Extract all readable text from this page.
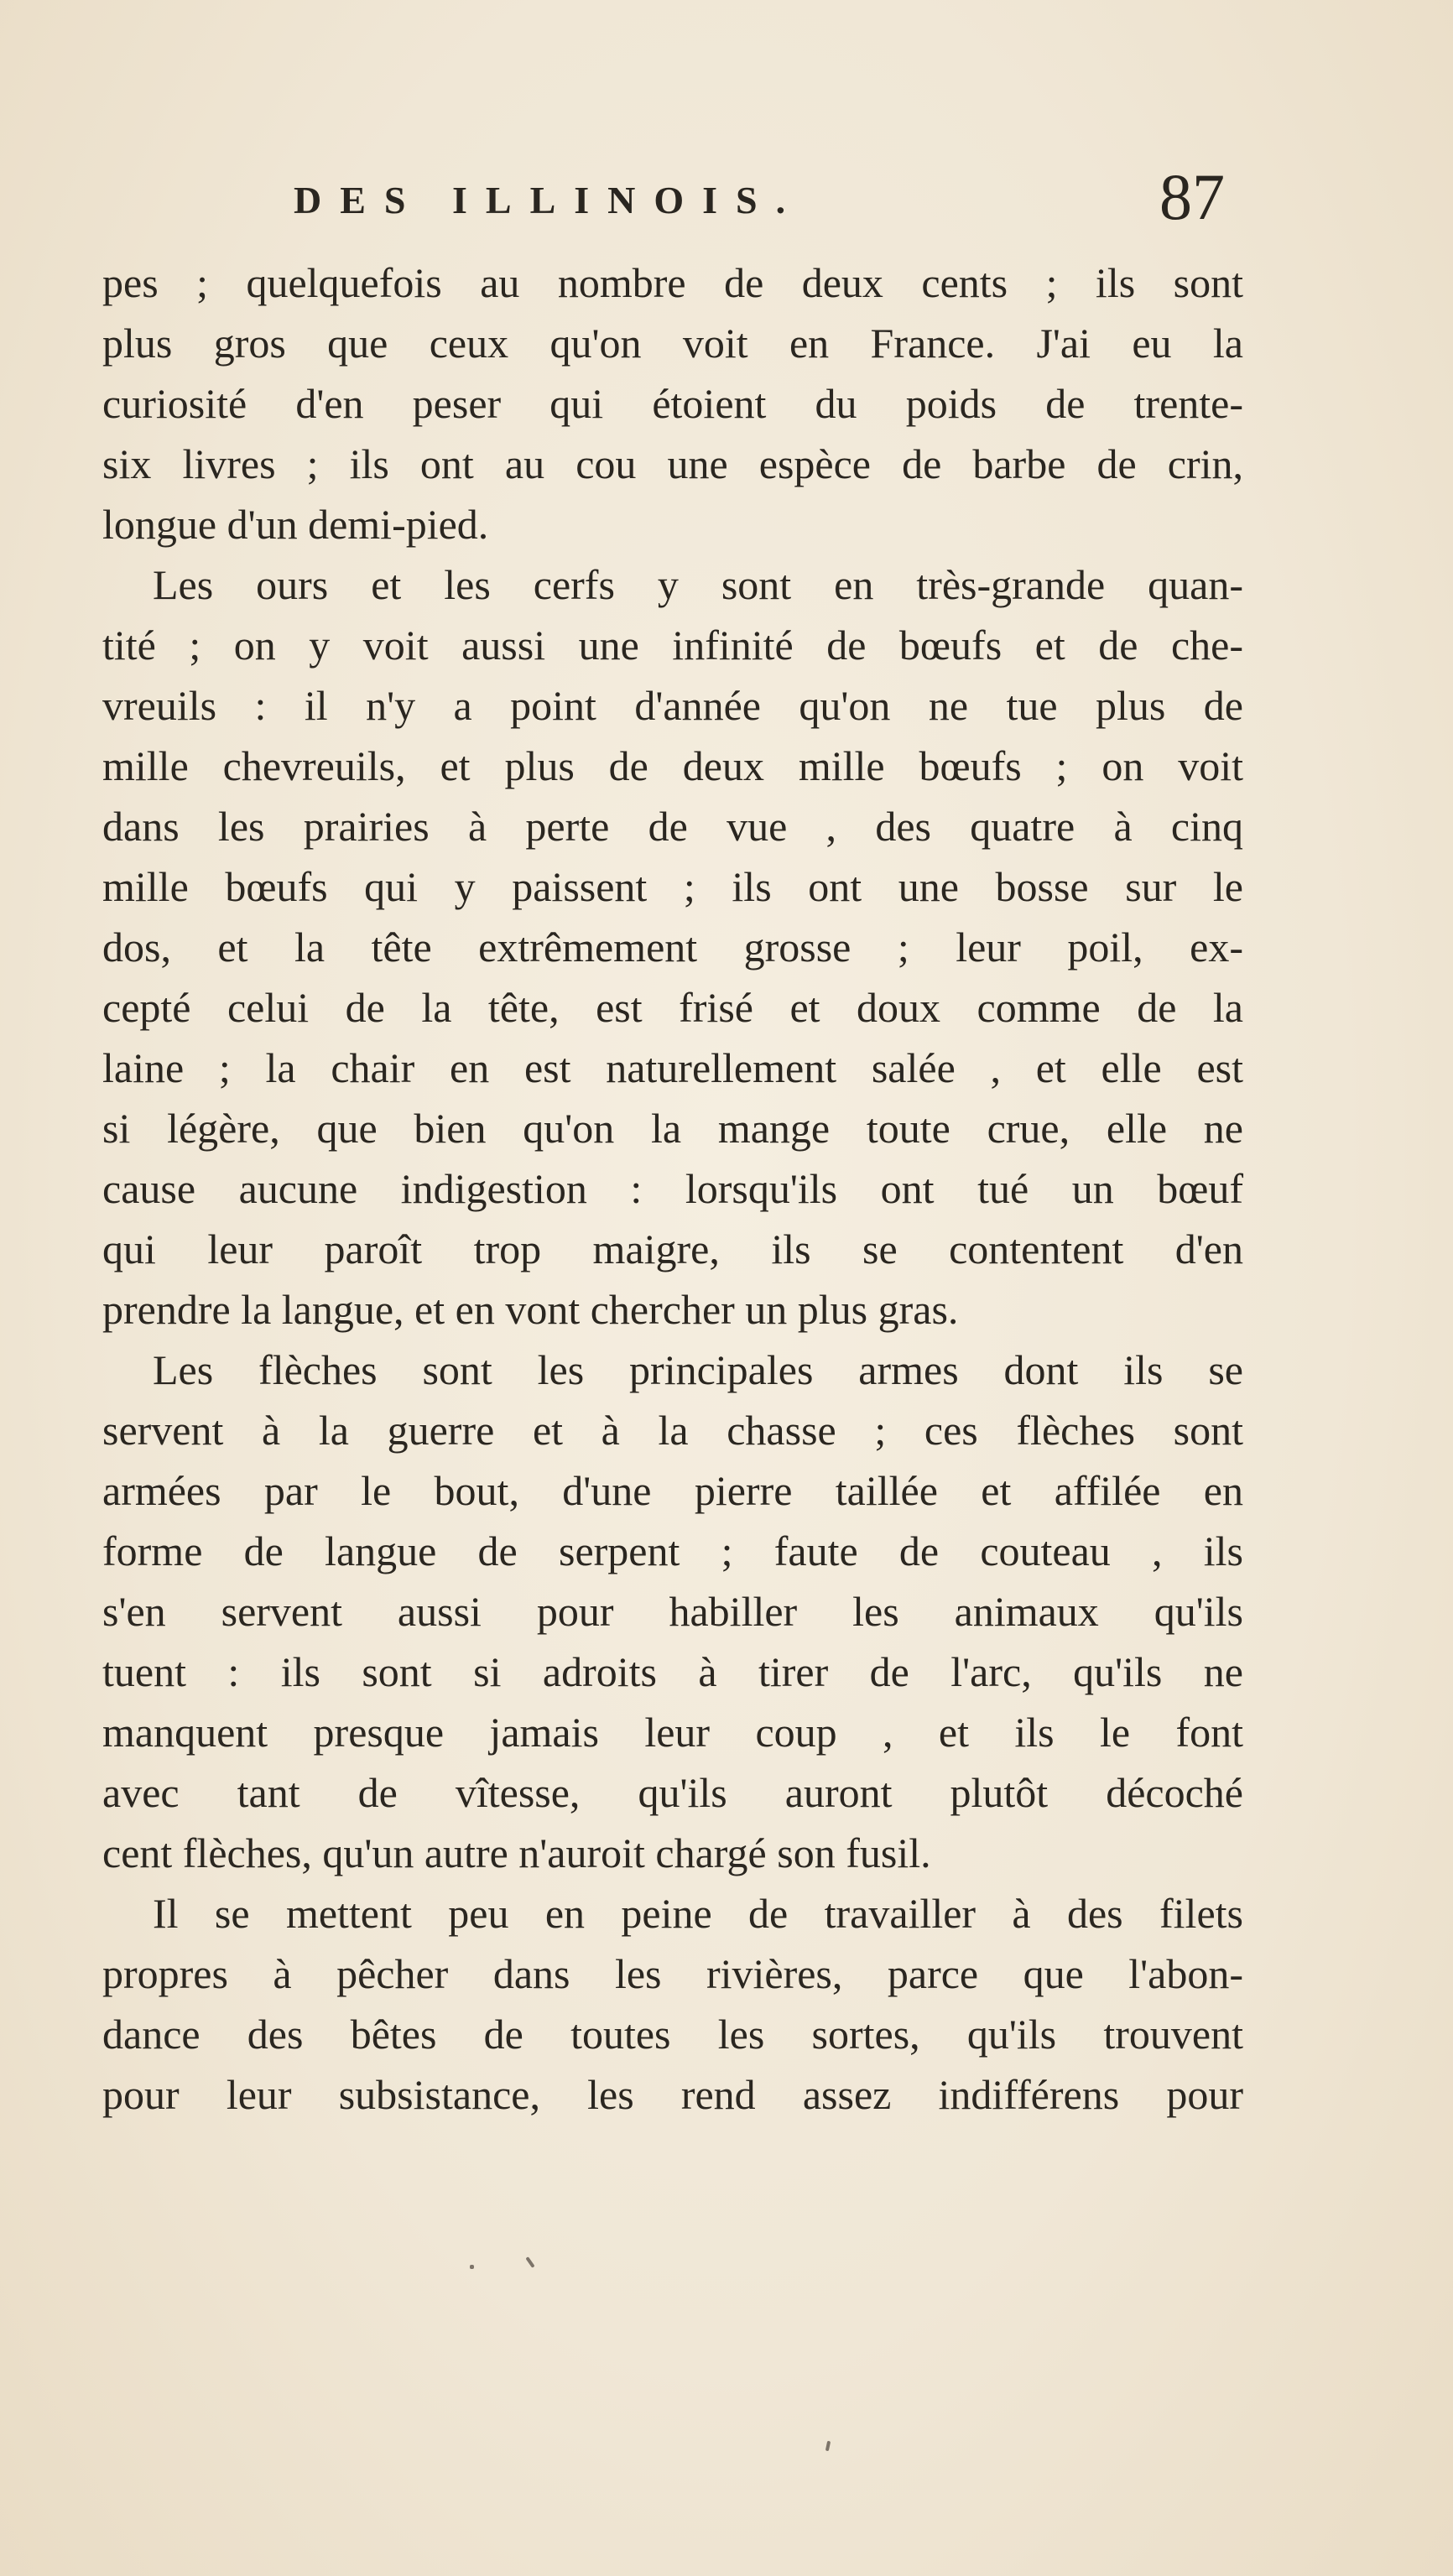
DES ILLINOIS.	87
pes ; quelquefois au nombre de deux cents ; ils sont
plus gros que ceux qu'on voit en France. J'ai eu la
curiosité d'en peser qui étoient du poids de trente-
six livres ; ils ont au cou une espèce de barbe de crin,
longue d'un demi-pied.
Les ours et les cerfs y sont en très-grande quan-
tité ; on y voit aussi une infinité de bœufs et de che-
vreuils : il n'y a point d'année qu'on ne tue plus de
mille chevreuils, et plus de deux mille bœufs ; on voit
dans les prairies à perte de vue , des quatre à cinq
mille bœufs qui y paissent ; ils ont une bosse sur le
dos, et la tête extrêmement grosse ; leur poil, ex-
cepté celui de la tête, est frisé et doux comme de la
laine ; la chair en est naturellement salée , et elle est
si légère, que bien qu'on la mange toute crue, elle ne
cause aucune indigestion : lorsqu'ils ont tué un bœuf
qui leur paroît trop maigre, ils se contentent d'en
prendre la langue, et en vont chercher un plus gras.
Les flèches sont les principales armes dont ils se
servent à la guerre et à la chasse ; ces flèches sont
armées par le bout, d'une pierre taillée et affilée en
forme de langue de serpent ; faute de couteau , ils
s'en servent aussi pour habiller les animaux qu'ils
tuent : ils sont si adroits à tirer de l'arc, qu'ils ne
manquent presque jamais leur coup , et ils le font
avec tant de vîtesse, qu'ils auront plutôt décoché
cent flèches, qu'un autre n'auroit chargé son fusil.
Il se mettent peu en peine de travailler à des filets
propres à pêcher dans les rivières, parce que l'abon-
dance des bêtes de toutes les sortes, qu'ils trouvent
pour leur subsistance, les rend assez indifférens pour
